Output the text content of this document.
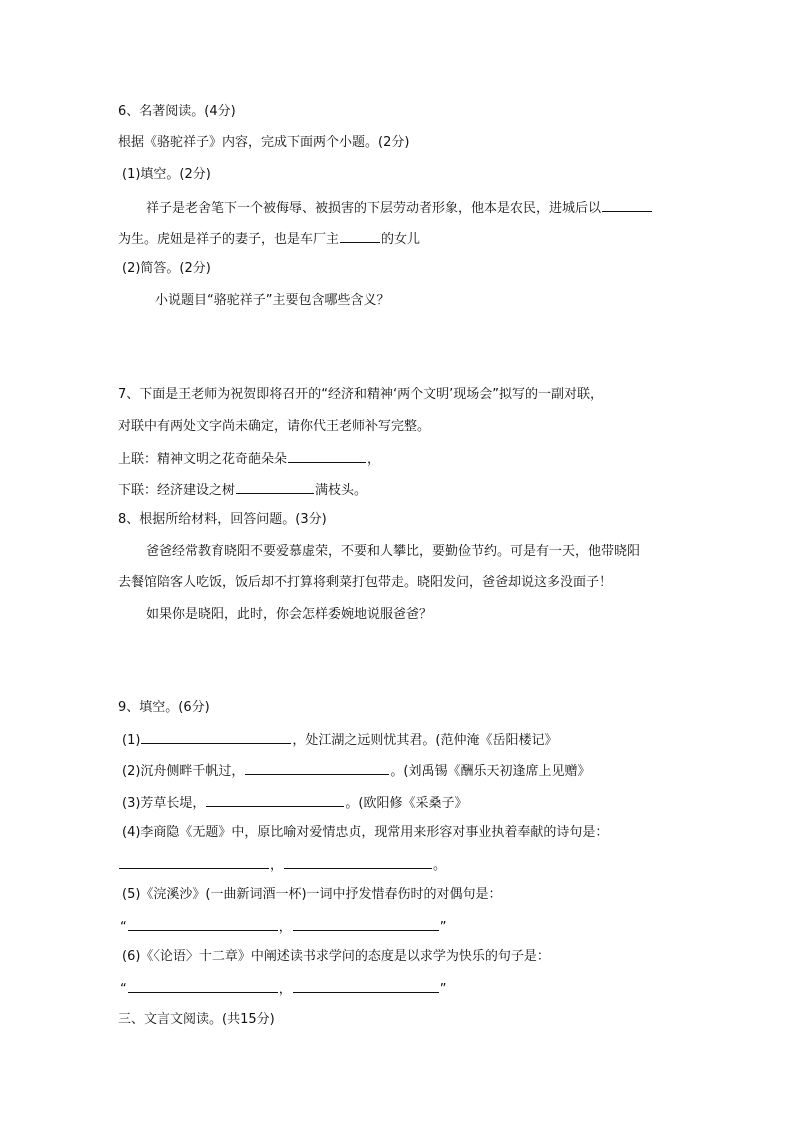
6、名著阅读。(4分)
根据《骆驼祥子》内容，完成下面两个小题。(2分)
(1)填空。(2分)
祥子是老舍笔下一个被侮辱、被损害的下层劳动者形象，他本是农民，进城后以
为生。虎妞是祥子的妻子，也是车厂主	的女儿
(2)简答。(2分)
小说题目“骆驼祥子”主要包含哪些含义？
7、下面是王老师为祝贺即将召开的“经济和精神‘两个文明’现场会”拟写的一副对联，
对联中有两处文字尚未确定，请你代王老师补写完整。
上联：精神文明之花奇葩朵朵	，
下联：经济建设之树	满枝头。
8、根据所给材料，回答问题。(3分)
爸爸经常教育晓阳不要爱慕虚荣，不要和人攀比，要勤俭节约。可是有一天，他带晓阳
去餐馆陪客人吃饭，饭后却不打算将剩菜打包带走。晓阳发问，爸爸却说这多没面子！
如果你是晓阳，此时，你会怎样委婉地说服爸爸？
9、填空。(6分)
(1)	，处江湖之远则忧其君。(范仲淹《岳阳楼记》
(2)沉舟侧畔千帆过，	。(刘禹锡《酬乐天初逢席上见赠》
(3)芳草长堤，	。(欧阳修《采桑子》
(4)李商隐《无题》中，原比喻对爱情忠贞，现常用来形容对事业执着奉献的诗句是：
，	。
(5)《浣溪沙》(一曲新词酒一杯)一词中抒发惜春伤时的对偶句是：
“	，	”
(6)《〈论语〉十二章》中阐述读书求学问的态度是以求学为快乐的句子是：
“	，	”
三、文言文阅读。(共15分)
